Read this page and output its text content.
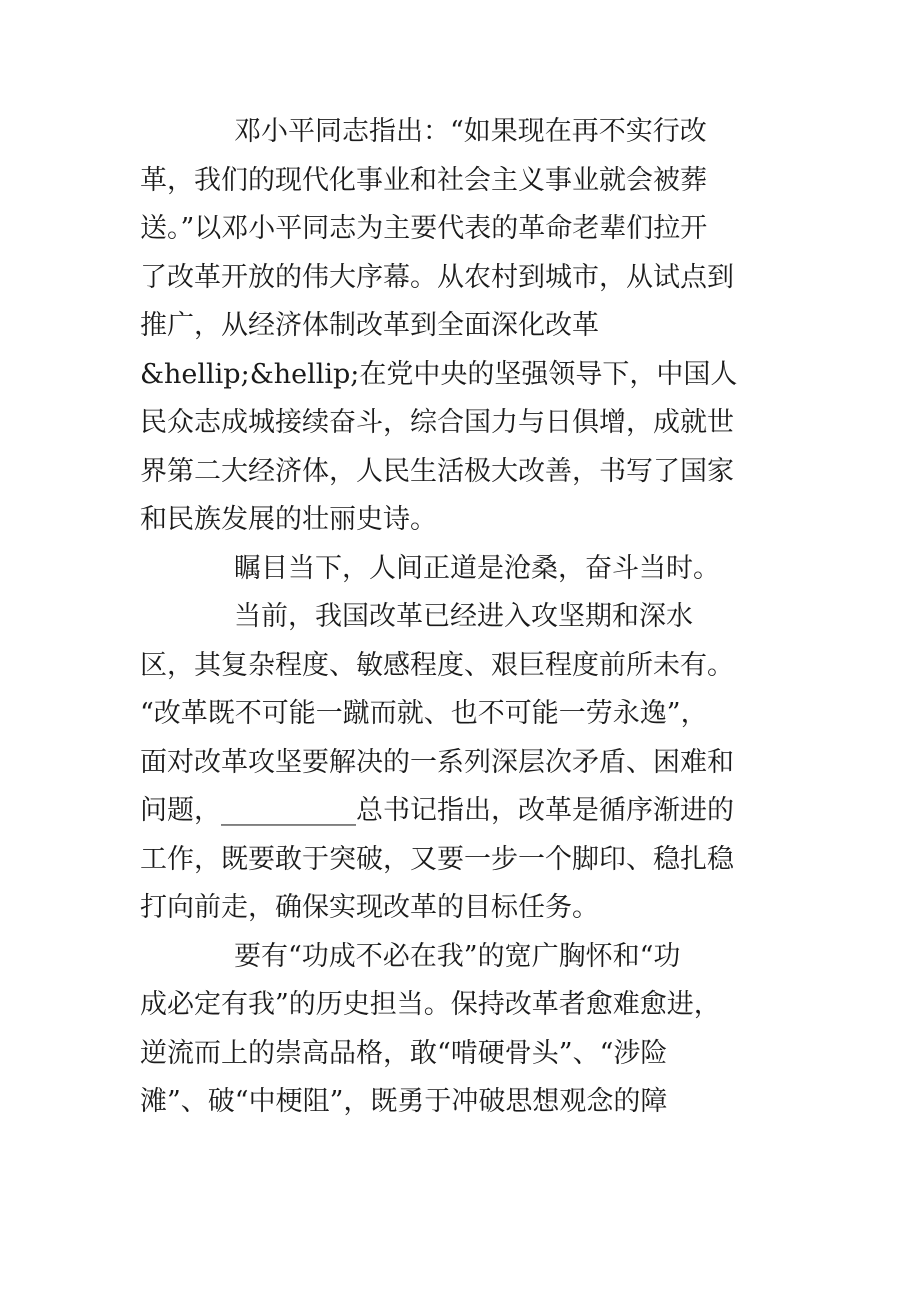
邓小平同志指出：“如果现在再不实行改
革，我们的现代化事业和社会主义事业就会被葬
送。”以邓小平同志为主要代表的革命老辈们拉开
了改革开放的伟大序幕。从农村到城市，从试点到
推广，从经济体制改革到全面深化改革
&hellip;&hellip;在党中央的坚强领导下，中国人
民众志成城接续奋斗，综合国力与日俱增，成就世
界第二大经济体，人民生活极大改善，书写了国家
和民族发展的壮丽史诗。

瞩目当下，人间正道是沧桑，奋斗当时。

当前，我国改革已经进入攻坚期和深水
区，其复杂程度、敏感程度、艰巨程度前所未有。
“改革既不可能一蹴而就、也不可能一劳永逸”，
面对改革攻坚要解决的一系列深层次矛盾、困难和
问题，__________总书记指出，改革是循序渐进的
工作，既要敢于突破，又要一步一个脚印、稳扎稳
打向前走，确保实现改革的目标任务。

要有“功成不必在我”的宽广胸怀和“功
成必定有我”的历史担当。保持改革者愈难愈进，
逆流而上的崇高品格，敢“啃硬骨头”、“涉险
滩”、破“中梗阻”，既勇于冲破思想观念的障
